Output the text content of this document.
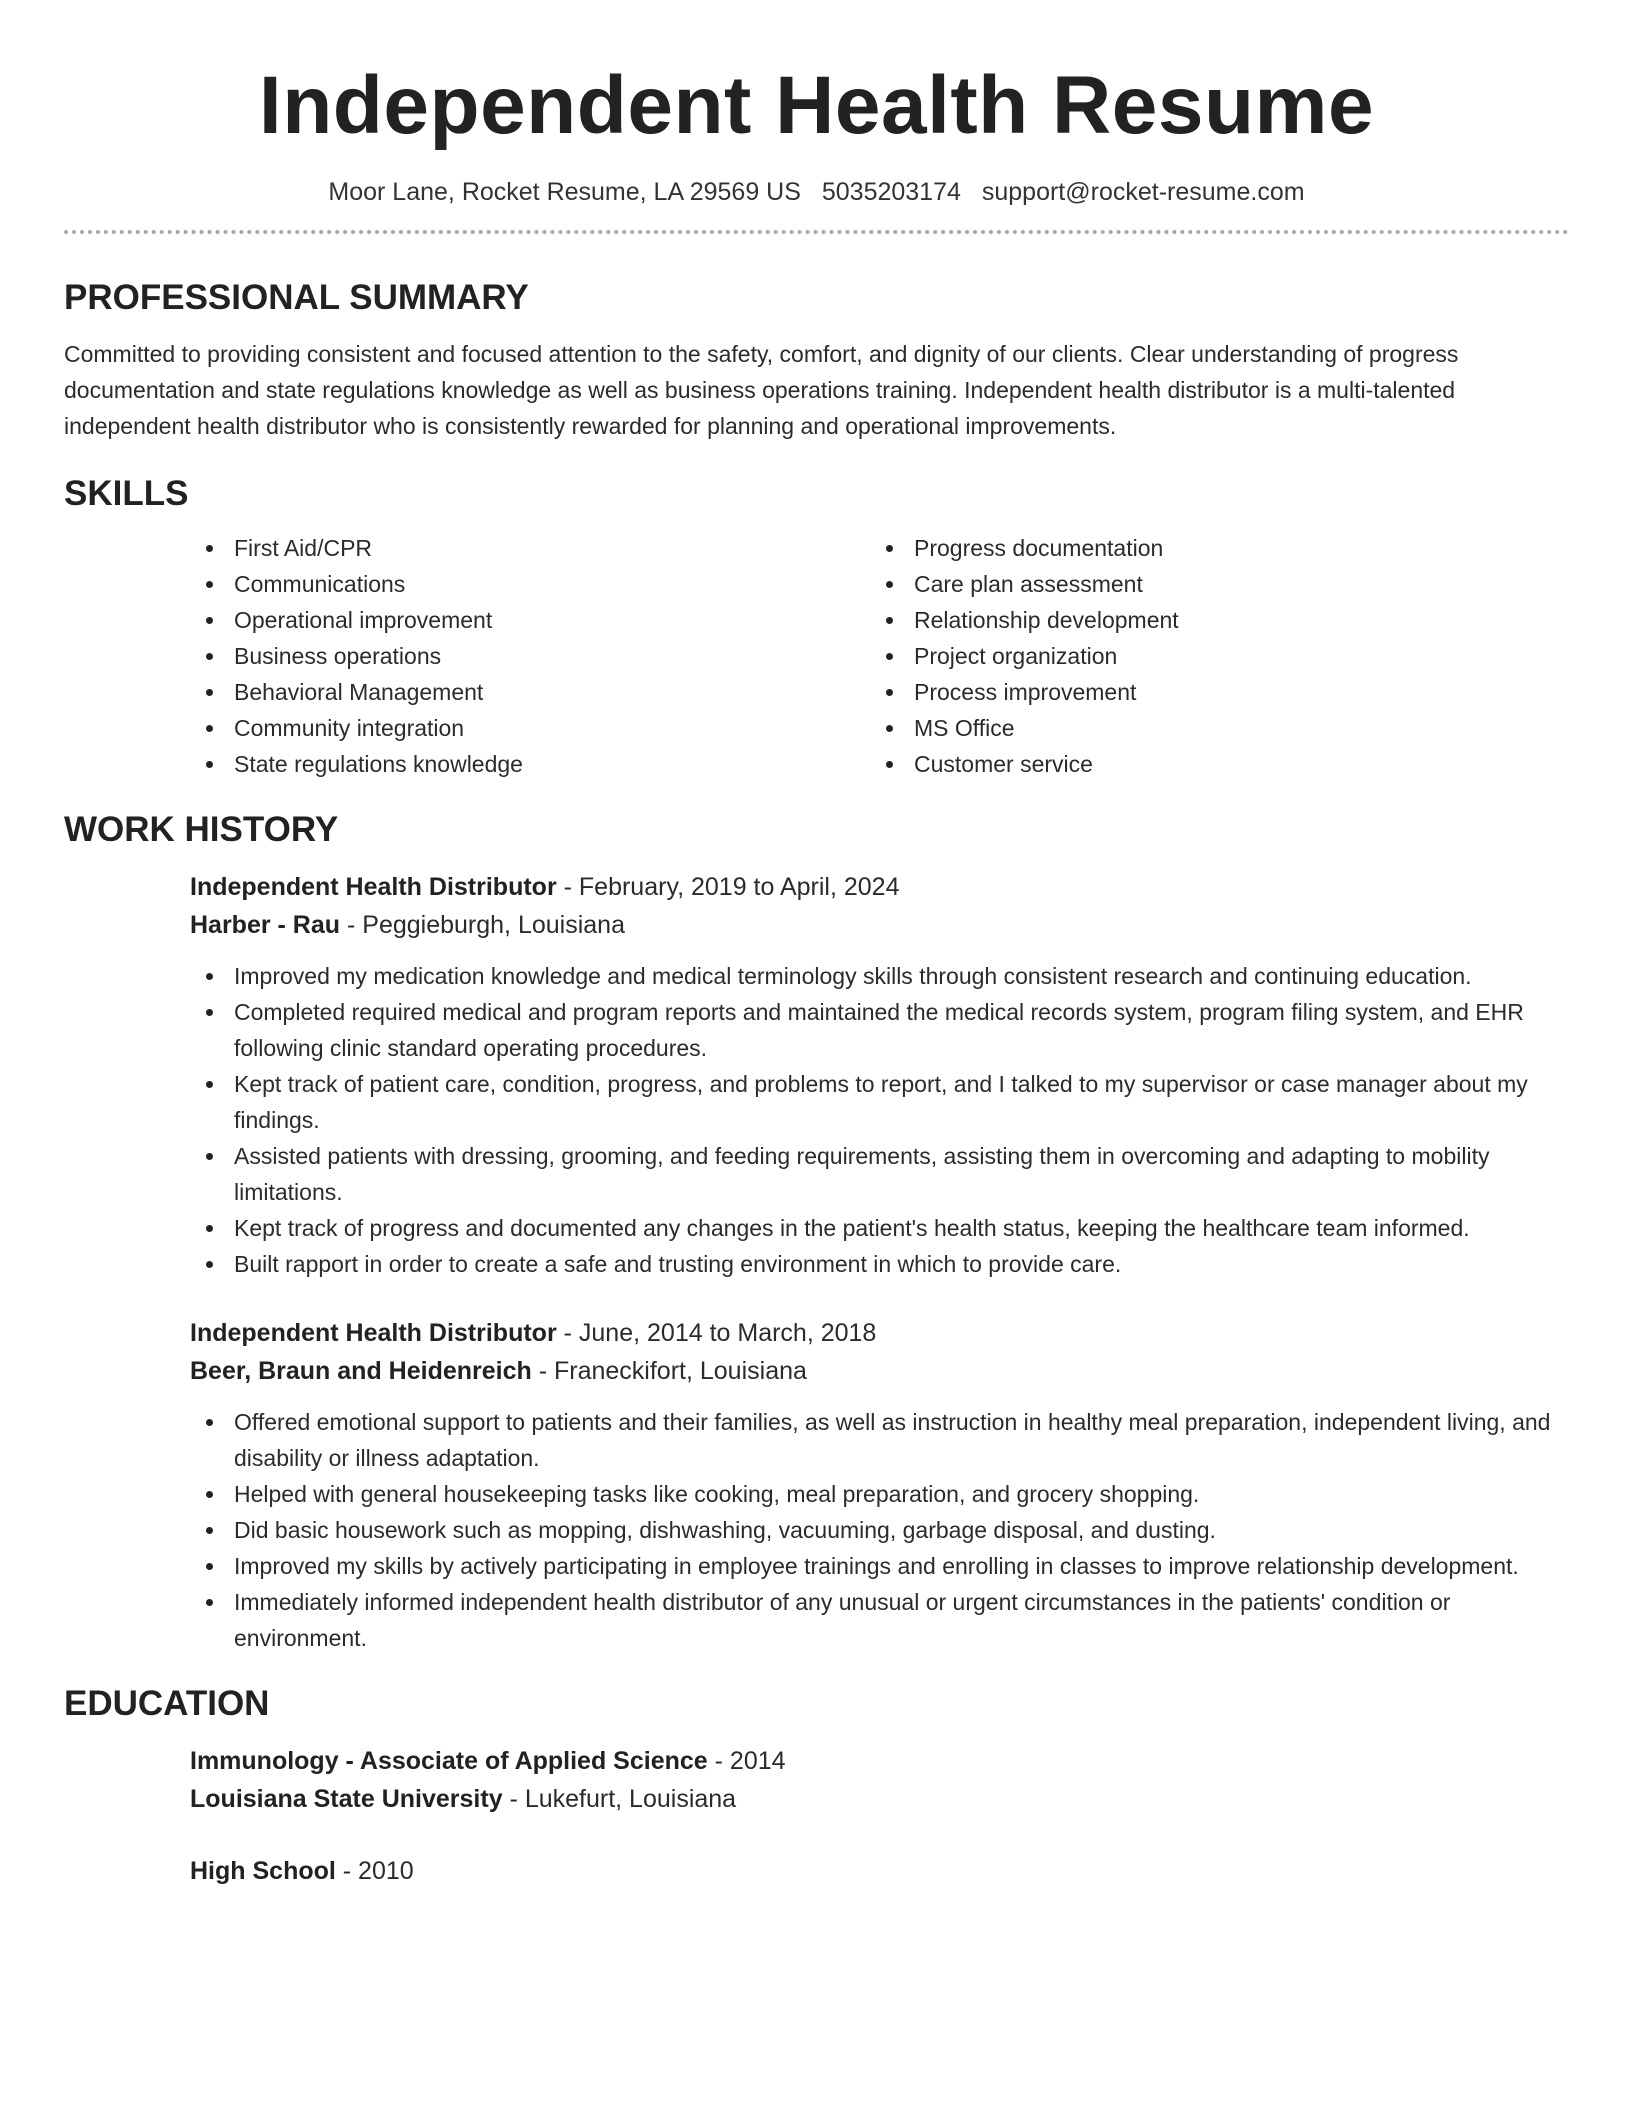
Independent Health Resume
Moor Lane, Rocket Resume, LA 29569 US 5035203174 support@rocket-resume.com
PROFESSIONAL SUMMARY

Committed to providing consistent and focused attention to the safety, comfort, and dignity of our clients. Clear understanding of progress documentation and state regulations knowledge as well as business operations training. Independent health distributor is a multi-talented independent health distributor who is consistently rewarded for planning and operational improvements.

SKILLS
First Aid/CPR
Communications
Operational improvement
Business operations
Behavioral Management
Community integration
State regulations knowledge
Progress documentation
Care plan assessment
Relationship development
Project organization
Process improvement
MS Office
Customer service
WORK HISTORY
Independent Health Distributor - February, 2019 to April, 2024
Harber - Rau - Peggieburgh, Louisiana
Improved my medication knowledge and medical terminology skills through consistent research and continuing education.
Completed required medical and program reports and maintained the medical records system, program filing system, and EHR following clinic standard operating procedures.
Kept track of patient care, condition, progress, and problems to report, and I talked to my supervisor or case manager about my findings.
Assisted patients with dressing, grooming, and feeding requirements, assisting them in overcoming and adapting to mobility limitations.
Kept track of progress and documented any changes in the patient's health status, keeping the healthcare team informed.
Built rapport in order to create a safe and trusting environment in which to provide care.
Independent Health Distributor - June, 2014 to March, 2018
Beer, Braun and Heidenreich - Franeckifort, Louisiana
Offered emotional support to patients and their families, as well as instruction in healthy meal preparation, independent living, and disability or illness adaptation.
Helped with general housekeeping tasks like cooking, meal preparation, and grocery shopping.
Did basic housework such as mopping, dishwashing, vacuuming, garbage disposal, and dusting.
Improved my skills by actively participating in employee trainings and enrolling in classes to improve relationship development.
Immediately informed independent health distributor of any unusual or urgent circumstances in the patients' condition or environment.
EDUCATION
Immunology - Associate of Applied Science - 2014
Louisiana State University - Lukefurt, Louisiana
High School - 2010
